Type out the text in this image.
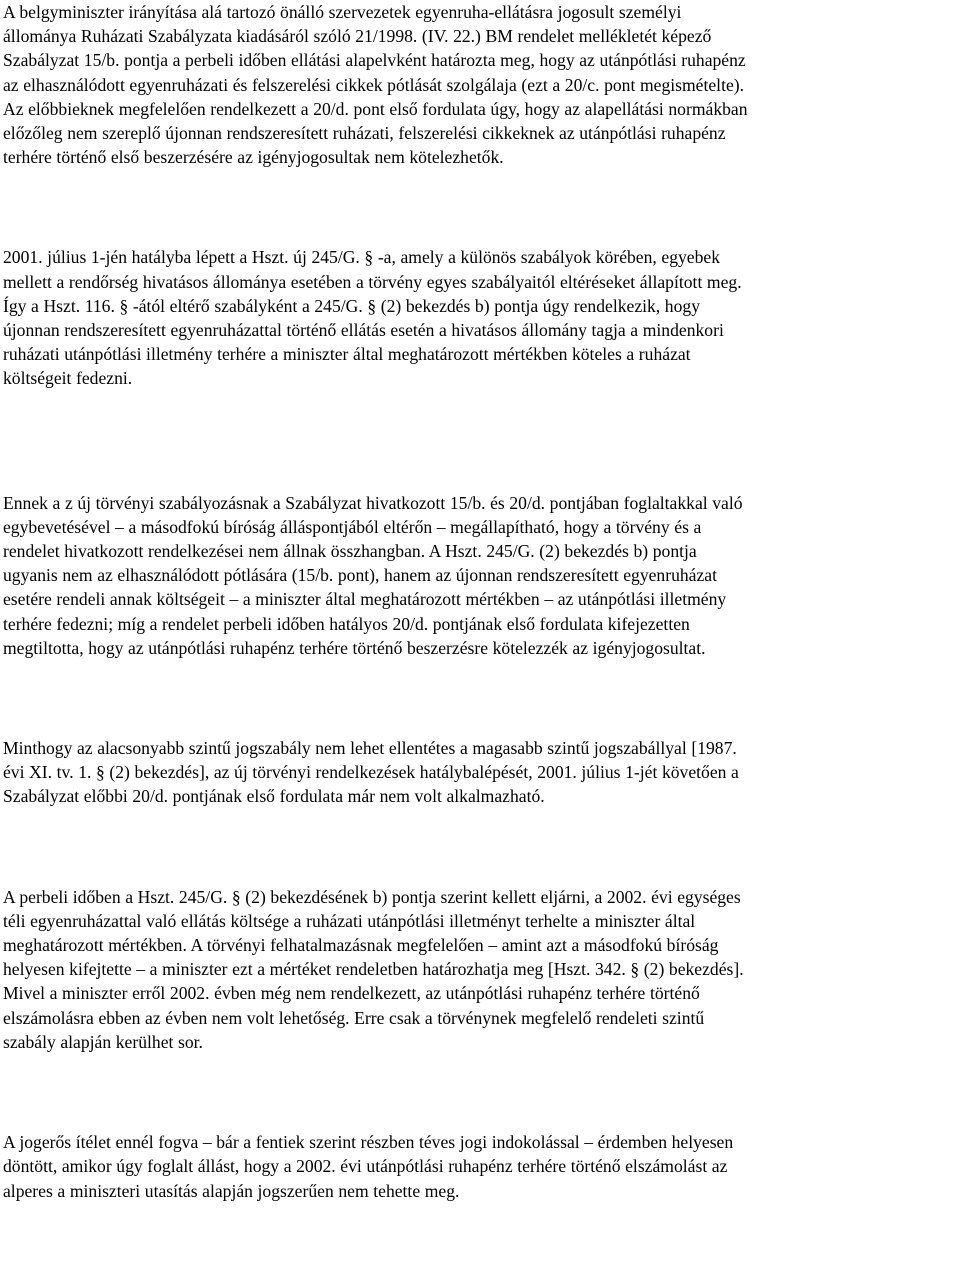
A belgyminiszter irányítása alá tartozó önálló szervezetek egyenruha-ellátásra jogosult személyi
állománya Ruházati Szabályzata kiadásáról szóló 21/1998. (IV. 22.) BM rendelet mellékletét képező
Szabályzat 15/b. pontja a perbeli időben ellátási alapelvként határozta meg, hogy az utánpótlási ruhapénz
az elhasználódott egyenruházati és felszerelési cikkek pótlását szolgálaja (ezt a 20/c. pont megismételte).
Az előbbieknek megfelelően rendelkezett a 20/d. pont első fordulata úgy, hogy az alapellátási normákban
előzőleg nem szereplő újonnan rendszeresített ruházati, felszerelési cikkeknek az utánpótlási ruhapénz
terhére történő első beszerzésére az igényjogosultak nem kötelezhetők.
2001. július 1-jén hatályba lépett a Hszt. új 245/G. § -a, amely a különös szabályok körében, egyebek
mellett a rendőrség hivatásos állománya esetében a törvény egyes szabályaitól eltéréseket állapított meg.
Így a Hszt. 116. § -ától eltérő szabályként a 245/G. § (2) bekezdés b) pontja úgy rendelkezik, hogy
újonnan rendszeresített egyenruházattal történő ellátás esetén a hivatásos állomány tagja a mindenkori
ruházati utánpótlási illetmény terhére a miniszter által meghatározott mértékben köteles a ruházat
költségeit fedezni.
Ennek a z új törvényi szabályozásnak a Szabályzat hivatkozott 15/b. és 20/d. pontjában foglaltakkal való
egybevetésével – a másodfokú bíróság álláspontjából eltérőn – megállapítható, hogy a törvény és a
rendelet hivatkozott rendelkezései nem állnak összhangban. A Hszt. 245/G. (2) bekezdés b) pontja
ugyanis nem az elhasználódott pótlására (15/b. pont), hanem az újonnan rendszeresített egyenruházat
esetére rendeli annak költségeit – a miniszter által meghatározott mértékben – az utánpótlási illetmény
terhére fedezni; míg a rendelet perbeli időben hatályos 20/d. pontjának első fordulata kifejezetten
megtiltotta, hogy az utánpótlási ruhapénz terhére történő beszerzésre kötelezzék az igényjogosultat.
Minthogy az alacsonyabb szintű jogszabály nem lehet ellentétes a magasabb szintű jogszabállyal [1987.
évi XI. tv. 1. § (2) bekezdés], az új törvényi rendelkezések hatálybalépését, 2001. július 1-jét követően a
Szabályzat előbbi 20/d. pontjának első fordulata már nem volt alkalmazható.
A perbeli időben a Hszt. 245/G. § (2) bekezdésének b) pontja szerint kellett eljárni, a 2002. évi egységes
téli egyenruházattal való ellátás költsége a ruházati utánpótlási illetményt terhelte a miniszter által
meghatározott mértékben. A törvényi felhatalmazásnak megfelelően – amint azt a másodfokú bíróság
helyesen kifejtette – a miniszter ezt a mértéket rendeletben határozhatja meg [Hszt. 342. § (2) bekezdés].
Mivel a miniszter erről 2002. évben még nem rendelkezett, az utánpótlási ruhapénz terhére történő
elszámolásra ebben az évben nem volt lehetőség. Erre csak a törvénynek megfelelő rendeleti szintű
szabály alapján kerülhet sor.
A jogerős ítélet ennél fogva – bár a fentiek szerint részben téves jogi indokolással – érdemben helyesen
döntött, amikor úgy foglalt állást, hogy a 2002. évi utánpótlási ruhapénz terhére történő elszámolást az
alperes a miniszteri utasítás alapján jogszerűen nem tehette meg.
